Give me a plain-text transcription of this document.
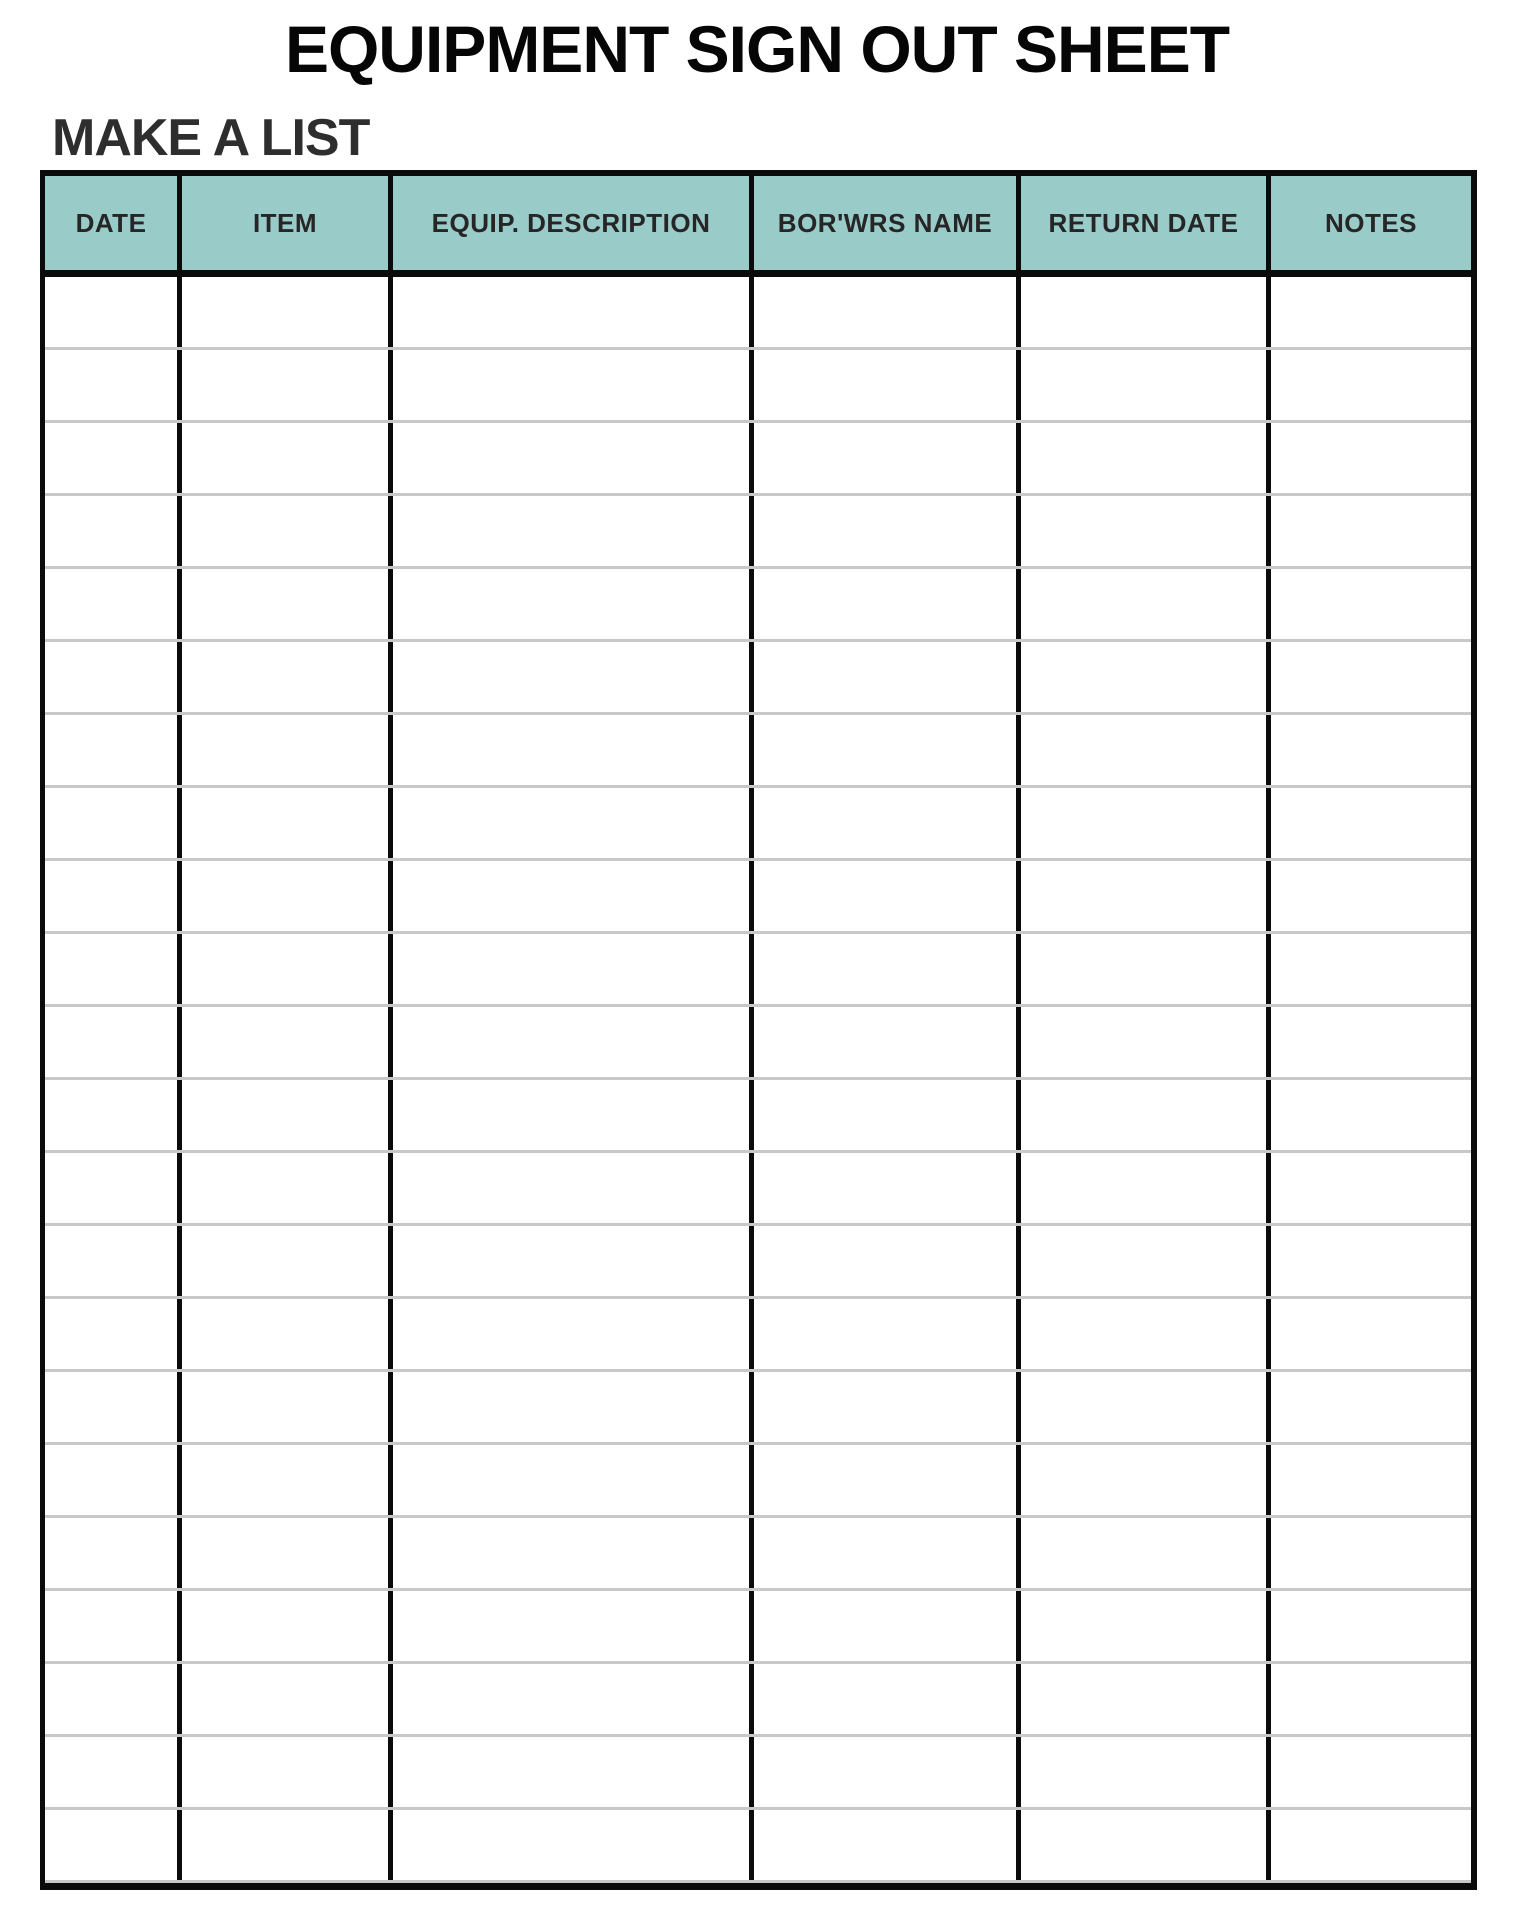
EQUIPMENT SIGN OUT SHEET
MAKE A LIST
DATE	ITEM	EQUIP. DESCRIPTION	BOR'WRS NAME	RETURN DATE	NOTES
